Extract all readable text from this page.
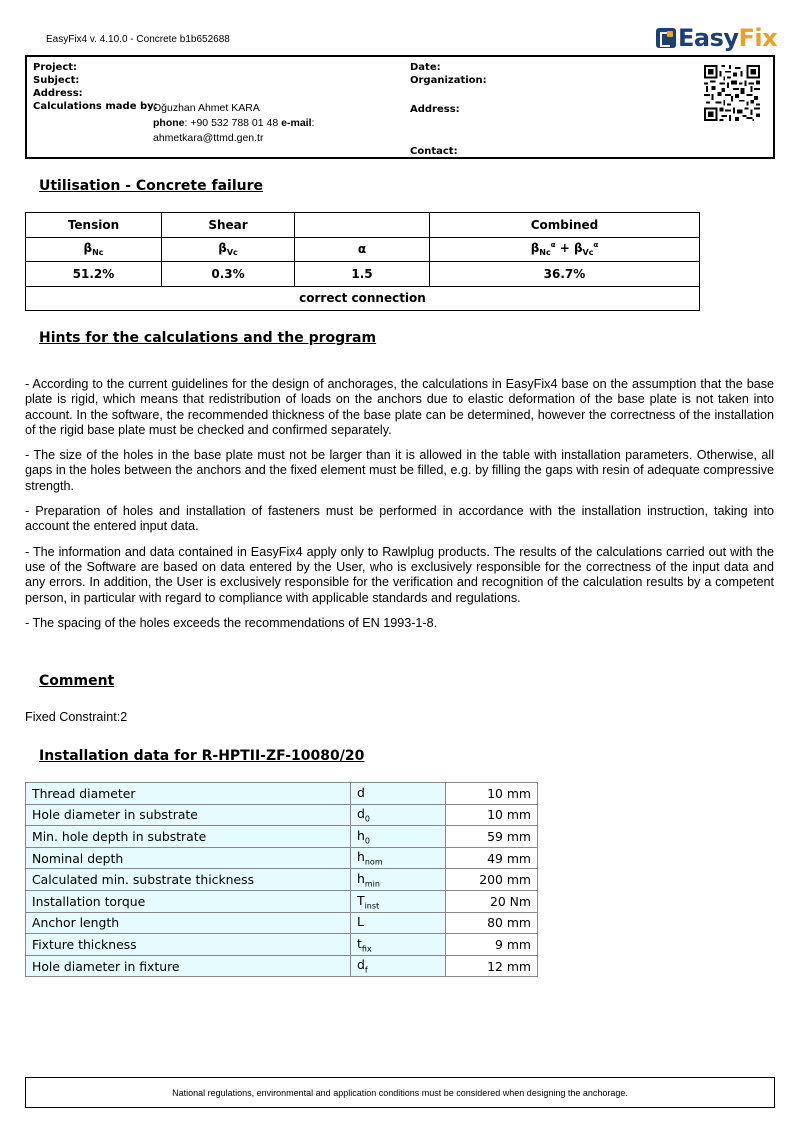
EasyFix4 v. 4.10.0 - Concrete b1b652688	EasyFix
Project:
Subject:
Address:
Calculations made by:
Oğuzhan Ahmet KARA
phone: +90 532 788 01 48 e-mail:
ahmetkara@ttmd.gen.tr
Date:
Organization:
Address:
Contact:
Utilisation - Concrete failure
Tension	Shear		Combined
$\beta_{Nc}$	$\beta_{Vc}$	α	$\beta_{Nc}^\alpha + \beta_{Vc}^\alpha$
51.2%	0.3%	1.5	36.7%
correct connection			
Hints for the calculations and the program

- According to the current guidelines for the design of anchorages, the calculations in EasyFix4 base on the assumption that the base plate is rigid, which means that redistribution of loads on the anchors due to elastic deformation of the base plate is not taken into account. In the software, the recommended thickness of the base plate can be determined, however the correctness of the installation of the rigid base plate must be checked and confirmed separately.

- The size of the holes in the base plate must not be larger than it is allowed in the table with installation parameters. Otherwise, all gaps in the holes between the anchors and the fixed element must be filled, e.g. by filling the gaps with resin of adequate compressive strength.

- Preparation of holes and installation of fasteners must be performed in accordance with the installation instruction, taking into account the entered input data.

- The information and data contained in EasyFix4 apply only to Rawlplug products. The results of the calculations carried out with the use of the Software are based on data entered by the User, who is exclusively responsible for the correctness of the input data and any errors. In addition, the User is exclusively responsible for the verification and recognition of the calculation results by a competent person, in particular with regard to compliance with applicable standards and regulations.

- The spacing of the holes exceeds the recommendations of EN 1993-1-8.

Comment
Fixed Constraint:2
Installation data for R-HPTII-ZF-10080/20
Thread diameter	d	10 mm
Hole diameter in substrate	$d_0$	10 mm
Min. hole depth in substrate	$h_0$	59 mm
Nominal depth	$h_{nom}$	49 mm
Calculated min. substrate thickness	$h_{min}$	200 mm
Installation torque	$T_{inst}$	20 Nm
Anchor length	L	80 mm
Fixture thickness	$t_{fix}$	9 mm
Hole diameter in fixture	$d_f$	12 mm
National regulations, environmental and application conditions must be considered when designing the anchorage.
